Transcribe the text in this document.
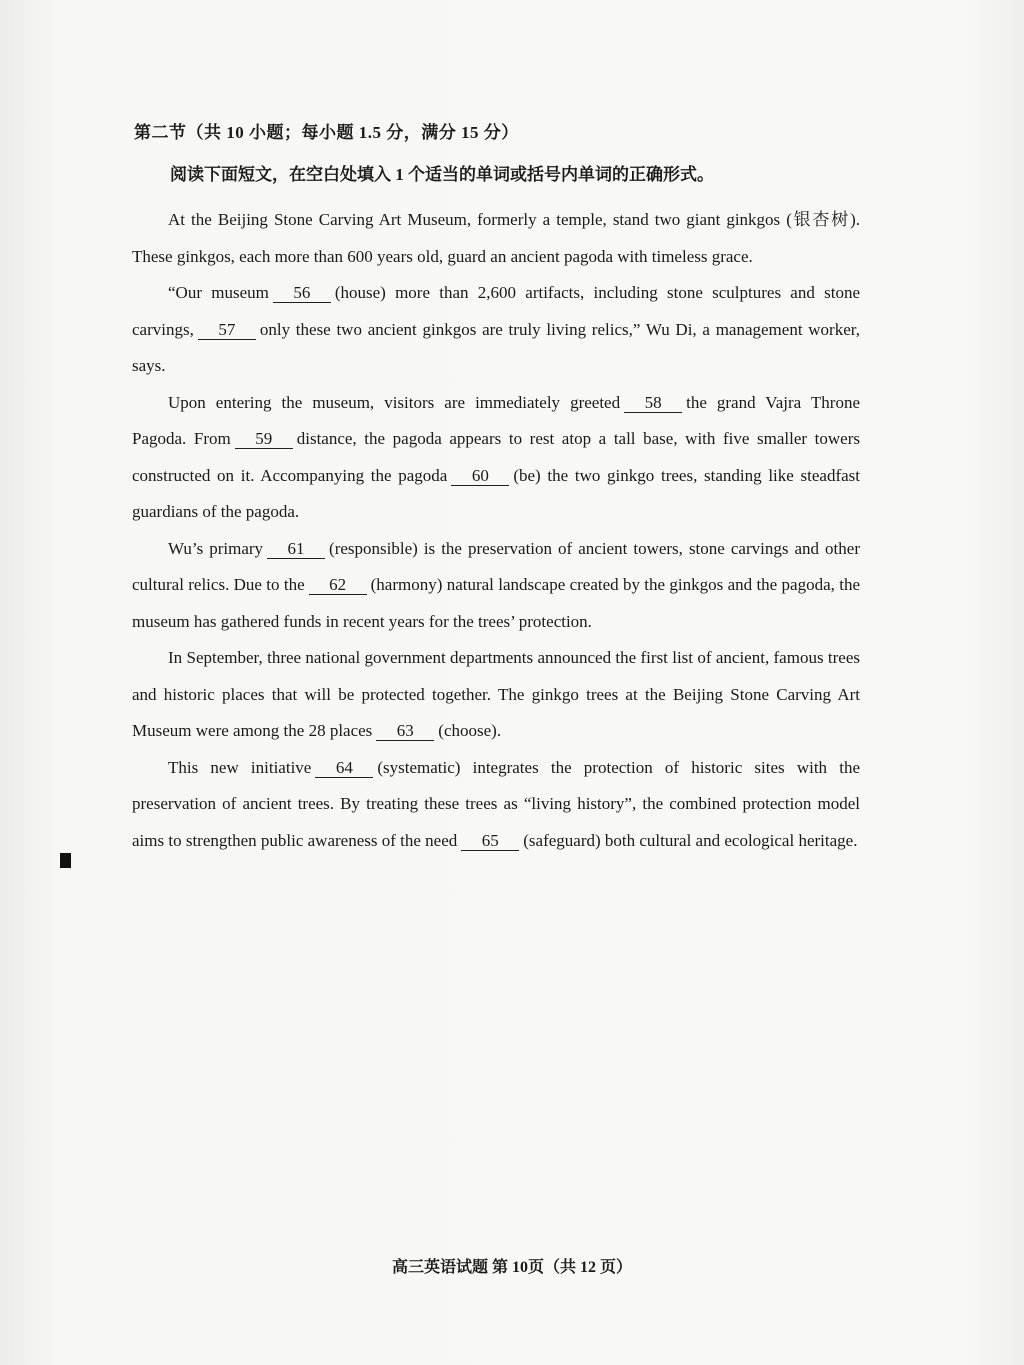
第二节（共 10 小题；每小题 1.5 分，满分 15 分）
阅读下面短文，在空白处填入 1 个适当的单词或括号内单词的正确形式。

At the Beijing Stone Carving Art Museum, formerly a temple, stand two giant ginkgos (银杏树). These ginkgos, each more than 600 years old, guard an ancient pagoda with timeless grace.

“Our museum 56 (house) more than 2,600 artifacts, including stone sculptures and stone carvings, 57 only these two ancient ginkgos are truly living relics,” Wu Di, a management worker, says.

Upon entering the museum, visitors are immediately greeted 58 the grand Vajra Throne Pagoda. From 59 distance, the pagoda appears to rest atop a tall base, with five smaller towers constructed on it. Accompanying the pagoda 60 (be) the two ginkgo trees, standing like steadfast guardians of the pagoda.

Wu’s primary 61 (responsible) is the preservation of ancient towers, stone carvings and other cultural relics. Due to the 62 (harmony) natural landscape created by the ginkgos and the pagoda, the museum has gathered funds in recent years for the trees’ protection.

In September, three national government departments announced the first list of ancient, famous trees and historic places that will be protected together. The ginkgo trees at the Beijing Stone Carving Art Museum were among the 28 places 63 (choose).

This new initiative 64 (systematic) integrates the protection of historic sites with the preservation of ancient trees. By treating these trees as “living history”, the combined protection model aims to strengthen public awareness of the need 65 (safeguard) both cultural and ecological heritage.

高三英语试题 第 10页（共 12 页）
